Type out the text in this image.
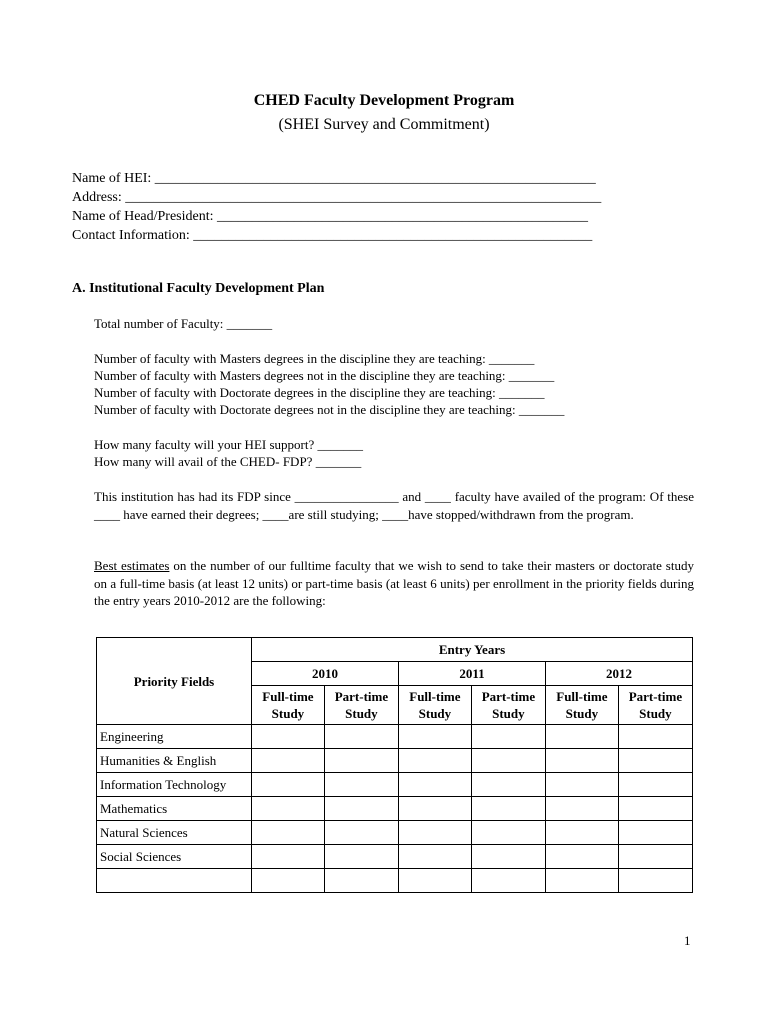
CHED Faculty Development Program
(SHEI Survey and Commitment)
Name of HEI: _______________________________________________________________
Address: ____________________________________________________________________
Name of Head/President: _____________________________________________________
Contact Information: _________________________________________________________
A. Institutional Faculty Development Plan
Total number of Faculty: _______
Number of faculty with Masters degrees in the discipline they are teaching: _______
Number of faculty with Masters degrees not in the discipline they are teaching: _______
Number of faculty with Doctorate degrees in the discipline they are teaching: _______
Number of faculty with Doctorate degrees not in the discipline they are teaching: _______
How many faculty will your HEI support? _______
How many will avail of the CHED- FDP? _______
This institution has had its FDP since ________________ and ____ faculty have availed of the program: Of these ____ have earned their degrees; ____are still studying; ____have stopped/withdrawn from the program.
Best estimates on the number of our fulltime faculty that we wish to send to take their masters or doctorate study on a full-time basis (at least 12 units) or part-time basis (at least 6 units) per enrollment in the priority fields during the entry years 2010-2012 are the following:
Priority Fields	Entry Years					
	2010		2011		2012	
	Full-time Study	Part-time Study	Full-time Study	Part-time Study	Full-time Study	Part-time Study
Engineering						
Humanities & English						
Information Technology						
Mathematics						
Natural Sciences						
Social Sciences						

1
